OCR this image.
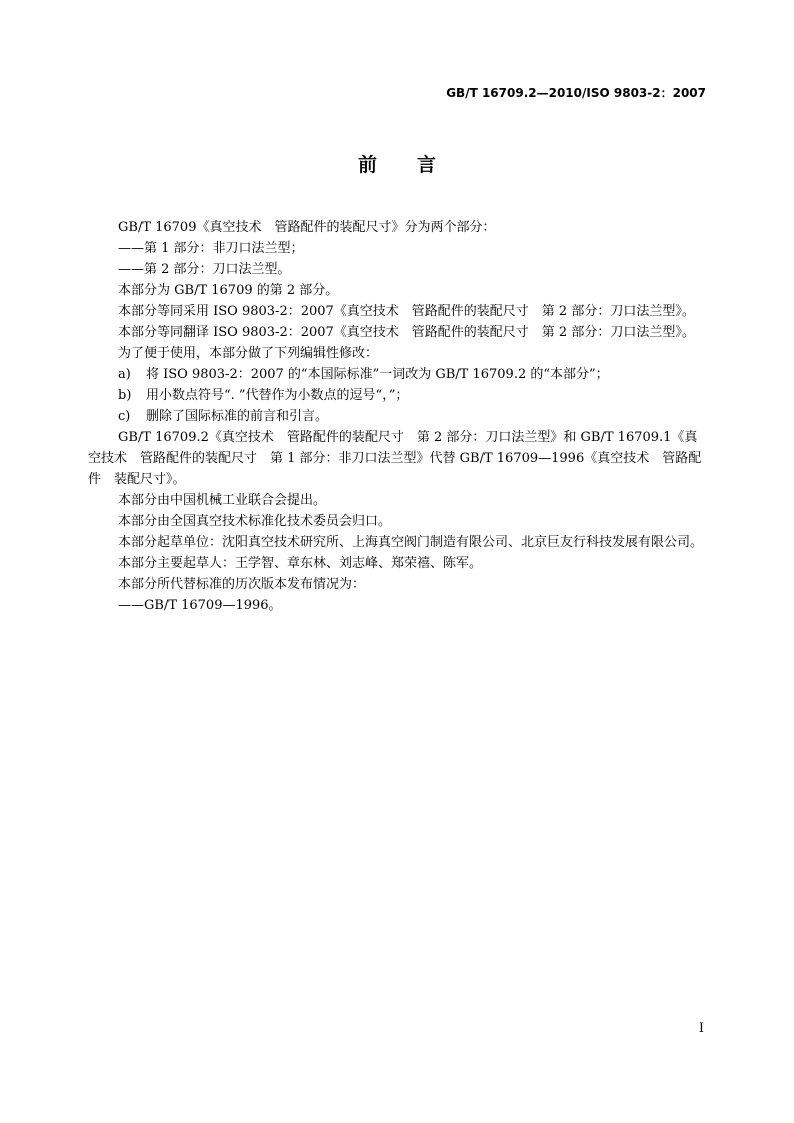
GB/T 16709.2—2010/ISO 9803-2：2007
前 言

GB/T 16709《真空技术　管路配件的装配尺寸》分为两个部分：

——第 1 部分：非刀口法兰型；

——第 2 部分：刀口法兰型。

本部分为 GB/T 16709 的第 2 部分。

本部分等同采用 ISO 9803-2：2007《真空技术　管路配件的装配尺寸　第 2 部分：刀口法兰型》。

本部分等同翻译 ISO 9803-2：2007《真空技术　管路配件的装配尺寸　第 2 部分：刀口法兰型》。

为了便于使用，本部分做了下列编辑性修改：

a) 将 ISO 9803-2：2007 的“本国际标准”一词改为 GB/T 16709.2 的“本部分”；

b) 用小数点符号“. ”代替作为小数点的逗号“，”；

c) 删除了国际标准的前言和引言。

GB/T 16709.2《真空技术　管路配件的装配尺寸　第 2 部分：刀口法兰型》和 GB/T 16709.1《真空技术　管路配件的装配尺寸　第 1 部分：非刀口法兰型》代替 GB/T 16709—1996《真空技术　管路配件　装配尺寸》。

本部分由中国机械工业联合会提出。

本部分由全国真空技术标准化技术委员会归口。

本部分起草单位：沈阳真空技术研究所、上海真空阀门制造有限公司、北京巨友行科技发展有限公司。

本部分主要起草人：王学智、章东林、刘志峰、郑荣禧、陈军。

本部分所代替标准的历次版本发布情况为：

——GB/T 16709—1996。

I
